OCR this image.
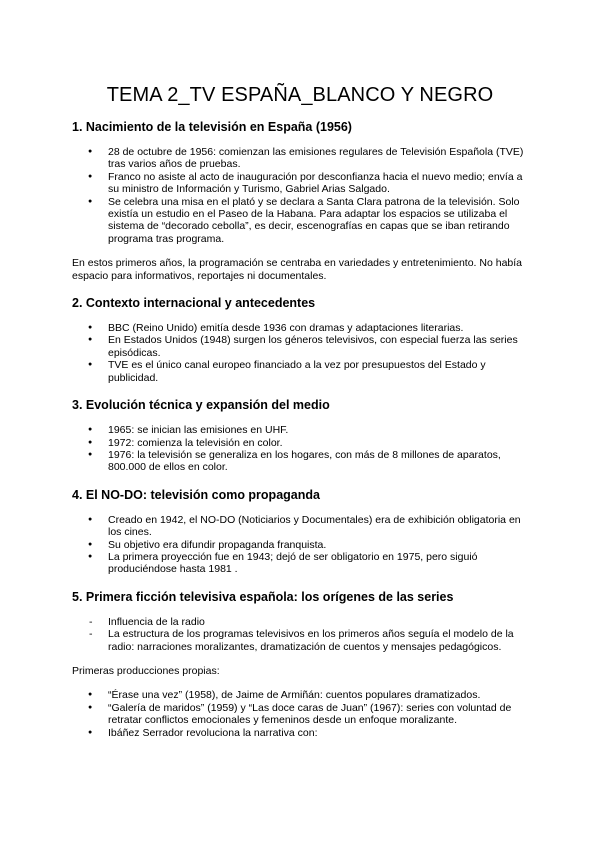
TEMA 2_TV ESPAÑA_BLANCO Y NEGRO
1. Nacimiento de la televisión en España (1956)
● 28 de octubre de 1956: comienzan las emisiones regulares de Televisión Española (TVE) tras varios años de pruebas.
● Franco no asiste al acto de inauguración por desconfianza hacia el nuevo medio; envía a su ministro de Información y Turismo, Gabriel Arias Salgado.
● Se celebra una misa en el plató y se declara a Santa Clara patrona de la televisión. Solo existía un estudio en el Paseo de la Habana. Para adaptar los espacios se utilizaba el sistema de “decorado cebolla”, es decir, escenografías en capas que se iban retirando programa tras programa.

En estos primeros años, la programación se centraba en variedades y entretenimiento. No había espacio para informativos, reportajes ni documentales.

2. Contexto internacional y antecedentes
● BBC (Reino Unido) emitía desde 1936 con dramas y adaptaciones literarias.
● En Estados Unidos (1948) surgen los géneros televisivos, con especial fuerza las series episódicas.
● TVE es el único canal europeo financiado a la vez por presupuestos del Estado y publicidad.
3. Evolución técnica y expansión del medio
● 1965: se inician las emisiones en UHF.
● 1972: comienza la televisión en color.
● 1976: la televisión se generaliza en los hogares, con más de 8 millones de aparatos, 800.000 de ellos en color.
4. El NO-DO: televisión como propaganda
● Creado en 1942, el NO-DO (Noticiarios y Documentales) era de exhibición obligatoria en los cines.
● Su objetivo era difundir propaganda franquista.
● La primera proyección fue en 1943; dejó de ser obligatorio en 1975, pero siguió produciéndose hasta 1981 .
5. Primera ficción televisiva española: los orígenes de las series
- Influencia de la radio
- La estructura de los programas televisivos en los primeros años seguía el modelo de la radio: narraciones moralizantes, dramatización de cuentos y mensajes pedagógicos.

Primeras producciones propias:

● “Érase una vez” (1958), de Jaime de Armiñán: cuentos populares dramatizados.
● “Galería de maridos” (1959) y “Las doce caras de Juan” (1967): series con voluntad de retratar conflictos emocionales y femeninos desde un enfoque moralizante.
● Ibáñez Serrador revoluciona la narrativa con:
